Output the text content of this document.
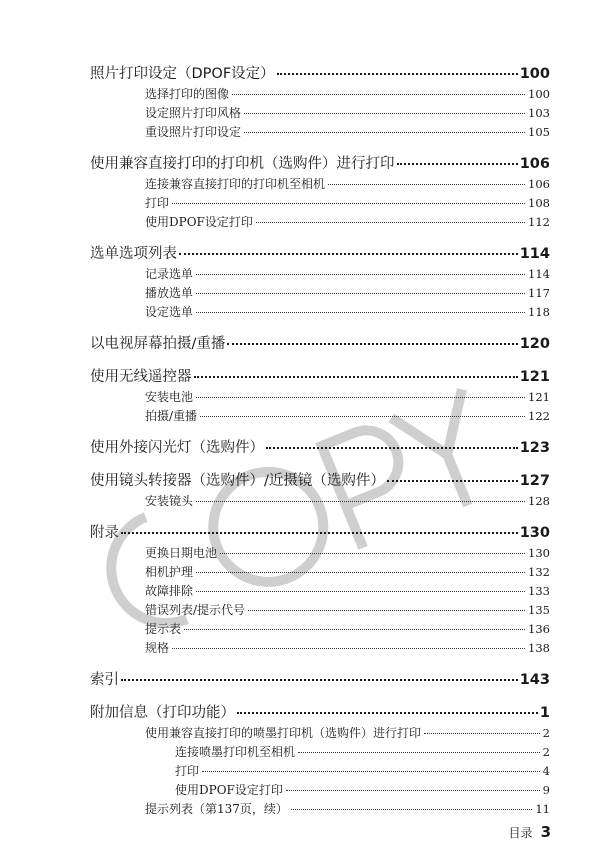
照片打印设定（DPOF设定）	100
选择打印的图像	100
设定照片打印风格	103
重设照片打印设定	105
使用兼容直接打印的打印机（选购件）进行打印	106
连接兼容直接打印的打印机至相机	106
打印	108
使用DPOF设定打印	112
选单选项列表	114
记录选单	114
播放选单	117
设定选单	118
以电视屏幕拍摄/重播	120
使用无线遥控器	121
安装电池	121
拍摄/重播	122
使用外接闪光灯（选购件）	123
使用镜头转接器（选购件）/近摄镜（选购件）	127
安装镜头	128
附录	130
更换日期电池	130
相机护理	132
故障排除	133
错误列表/提示代号	135
提示表	136
规格	138
索引	143
附加信息（打印功能）	1
使用兼容直接打印的喷墨打印机（选购件）进行打印	2
连接喷墨打印机至相机	2
打印	4
使用DPOF设定打印	9
提示列表（第137页，续）	11
目录 3
